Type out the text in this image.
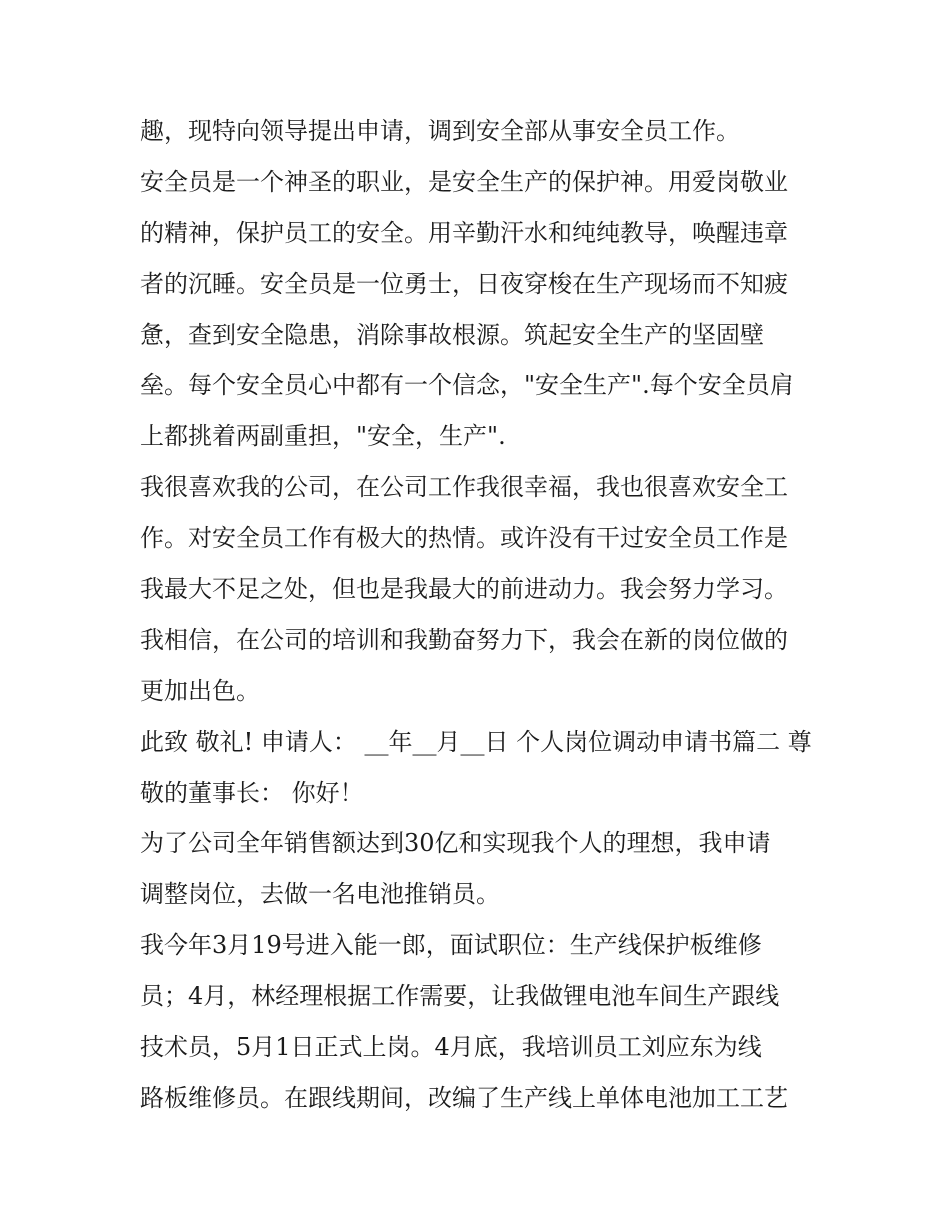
趣，现特向领导提出申请，调到安全部从事安全员工作。
安全员是一个神圣的职业，是安全生产的保护神。用爱岗敬业
的精神，保护员工的安全。用辛勤汗水和纯纯教导，唤醒违章
者的沉睡。安全员是一位勇士，日夜穿梭在生产现场而不知疲
惫，查到安全隐患，消除事故根源。筑起安全生产的坚固壁
垒。每个安全员心中都有一个信念，"安全生产".每个安全员肩
上都挑着两副重担，"安全，生产".
我很喜欢我的公司，在公司工作我很幸福，我也很喜欢安全工
作。对安全员工作有极大的热情。或许没有干过安全员工作是
我最大不足之处，但也是我最大的前进动力。我会努力学习。
我相信，在公司的培训和我勤奋努力下，我会在新的岗位做的
更加出色。
此致 敬礼! 申请人： __年__月__日 个人岗位调动申请书篇二 尊
敬的董事长： 你好！
为了公司全年销售额达到30亿和实现我个人的理想，我申请
调整岗位，去做一名电池推销员。
我今年3月19号进入能一郎，面试职位：生产线保护板维修
员；4月，林经理根据工作需要，让我做锂电池车间生产跟线
技术员，5月1日正式上岗。4月底，我培训员工刘应东为线
路板维修员。在跟线期间，改编了生产线上单体电池加工工艺
